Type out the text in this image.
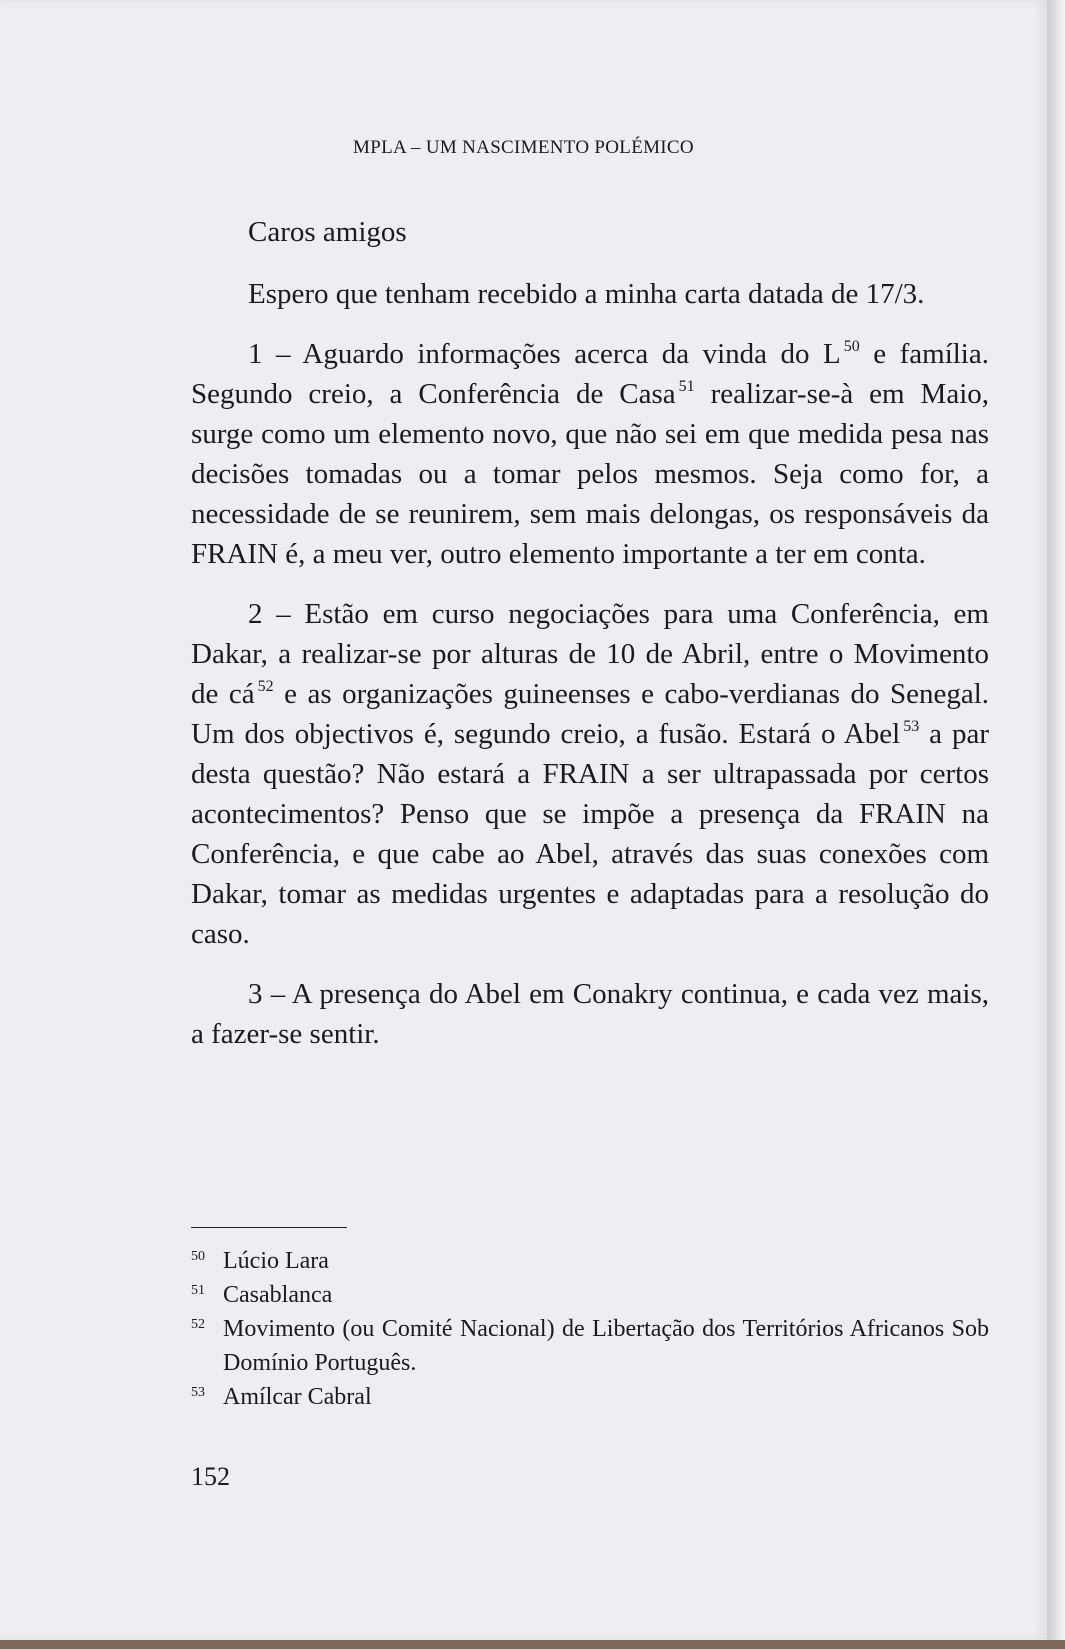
MPLA – UM NASCIMENTO POLÉMICO

Caros amigos

Espero que tenham recebido a minha carta datada de 17/3.

1 – Aguardo informações acerca da vinda do L $^{50}$ e família. Segundo creio, a Conferência de Casa $^{51}$ realizar-se-à em Maio, surge como um elemento novo, que não sei em que medida pesa nas decisões tomadas ou a tomar pelos mesmos. Seja como for, a necessidade de se reunirem, sem mais delongas, os responsáveis da FRAIN é, a meu ver, outro elemento importante a ter em conta.

2 – Estão em curso negociações para uma Conferência, em Dakar, a realizar-se por alturas de 10 de Abril, entre o Movimento de cá $^{52}$ e as organizações guineenses e cabo-verdianas do Senegal. Um dos objectivos é, segundo creio, a fusão. Estará o Abel $^{53}$ a par desta questão? Não estará a FRAIN a ser ultrapassada por certos acontecimentos? Penso que se impõe a presença da FRAIN na Conferência, e que cabe ao Abel, através das suas conexões com Dakar, tomar as medidas urgentes e adaptadas para a resolução do caso.

3 – A presença do Abel em Conakry continua, e cada vez mais, a fazer-se sentir.

50 Lúcio Lara
51 Casablanca
52 Movimento (ou Comité Nacional) de Libertação dos Territórios Africanos Sob Domínio Português.
53 Amílcar Cabral
152
